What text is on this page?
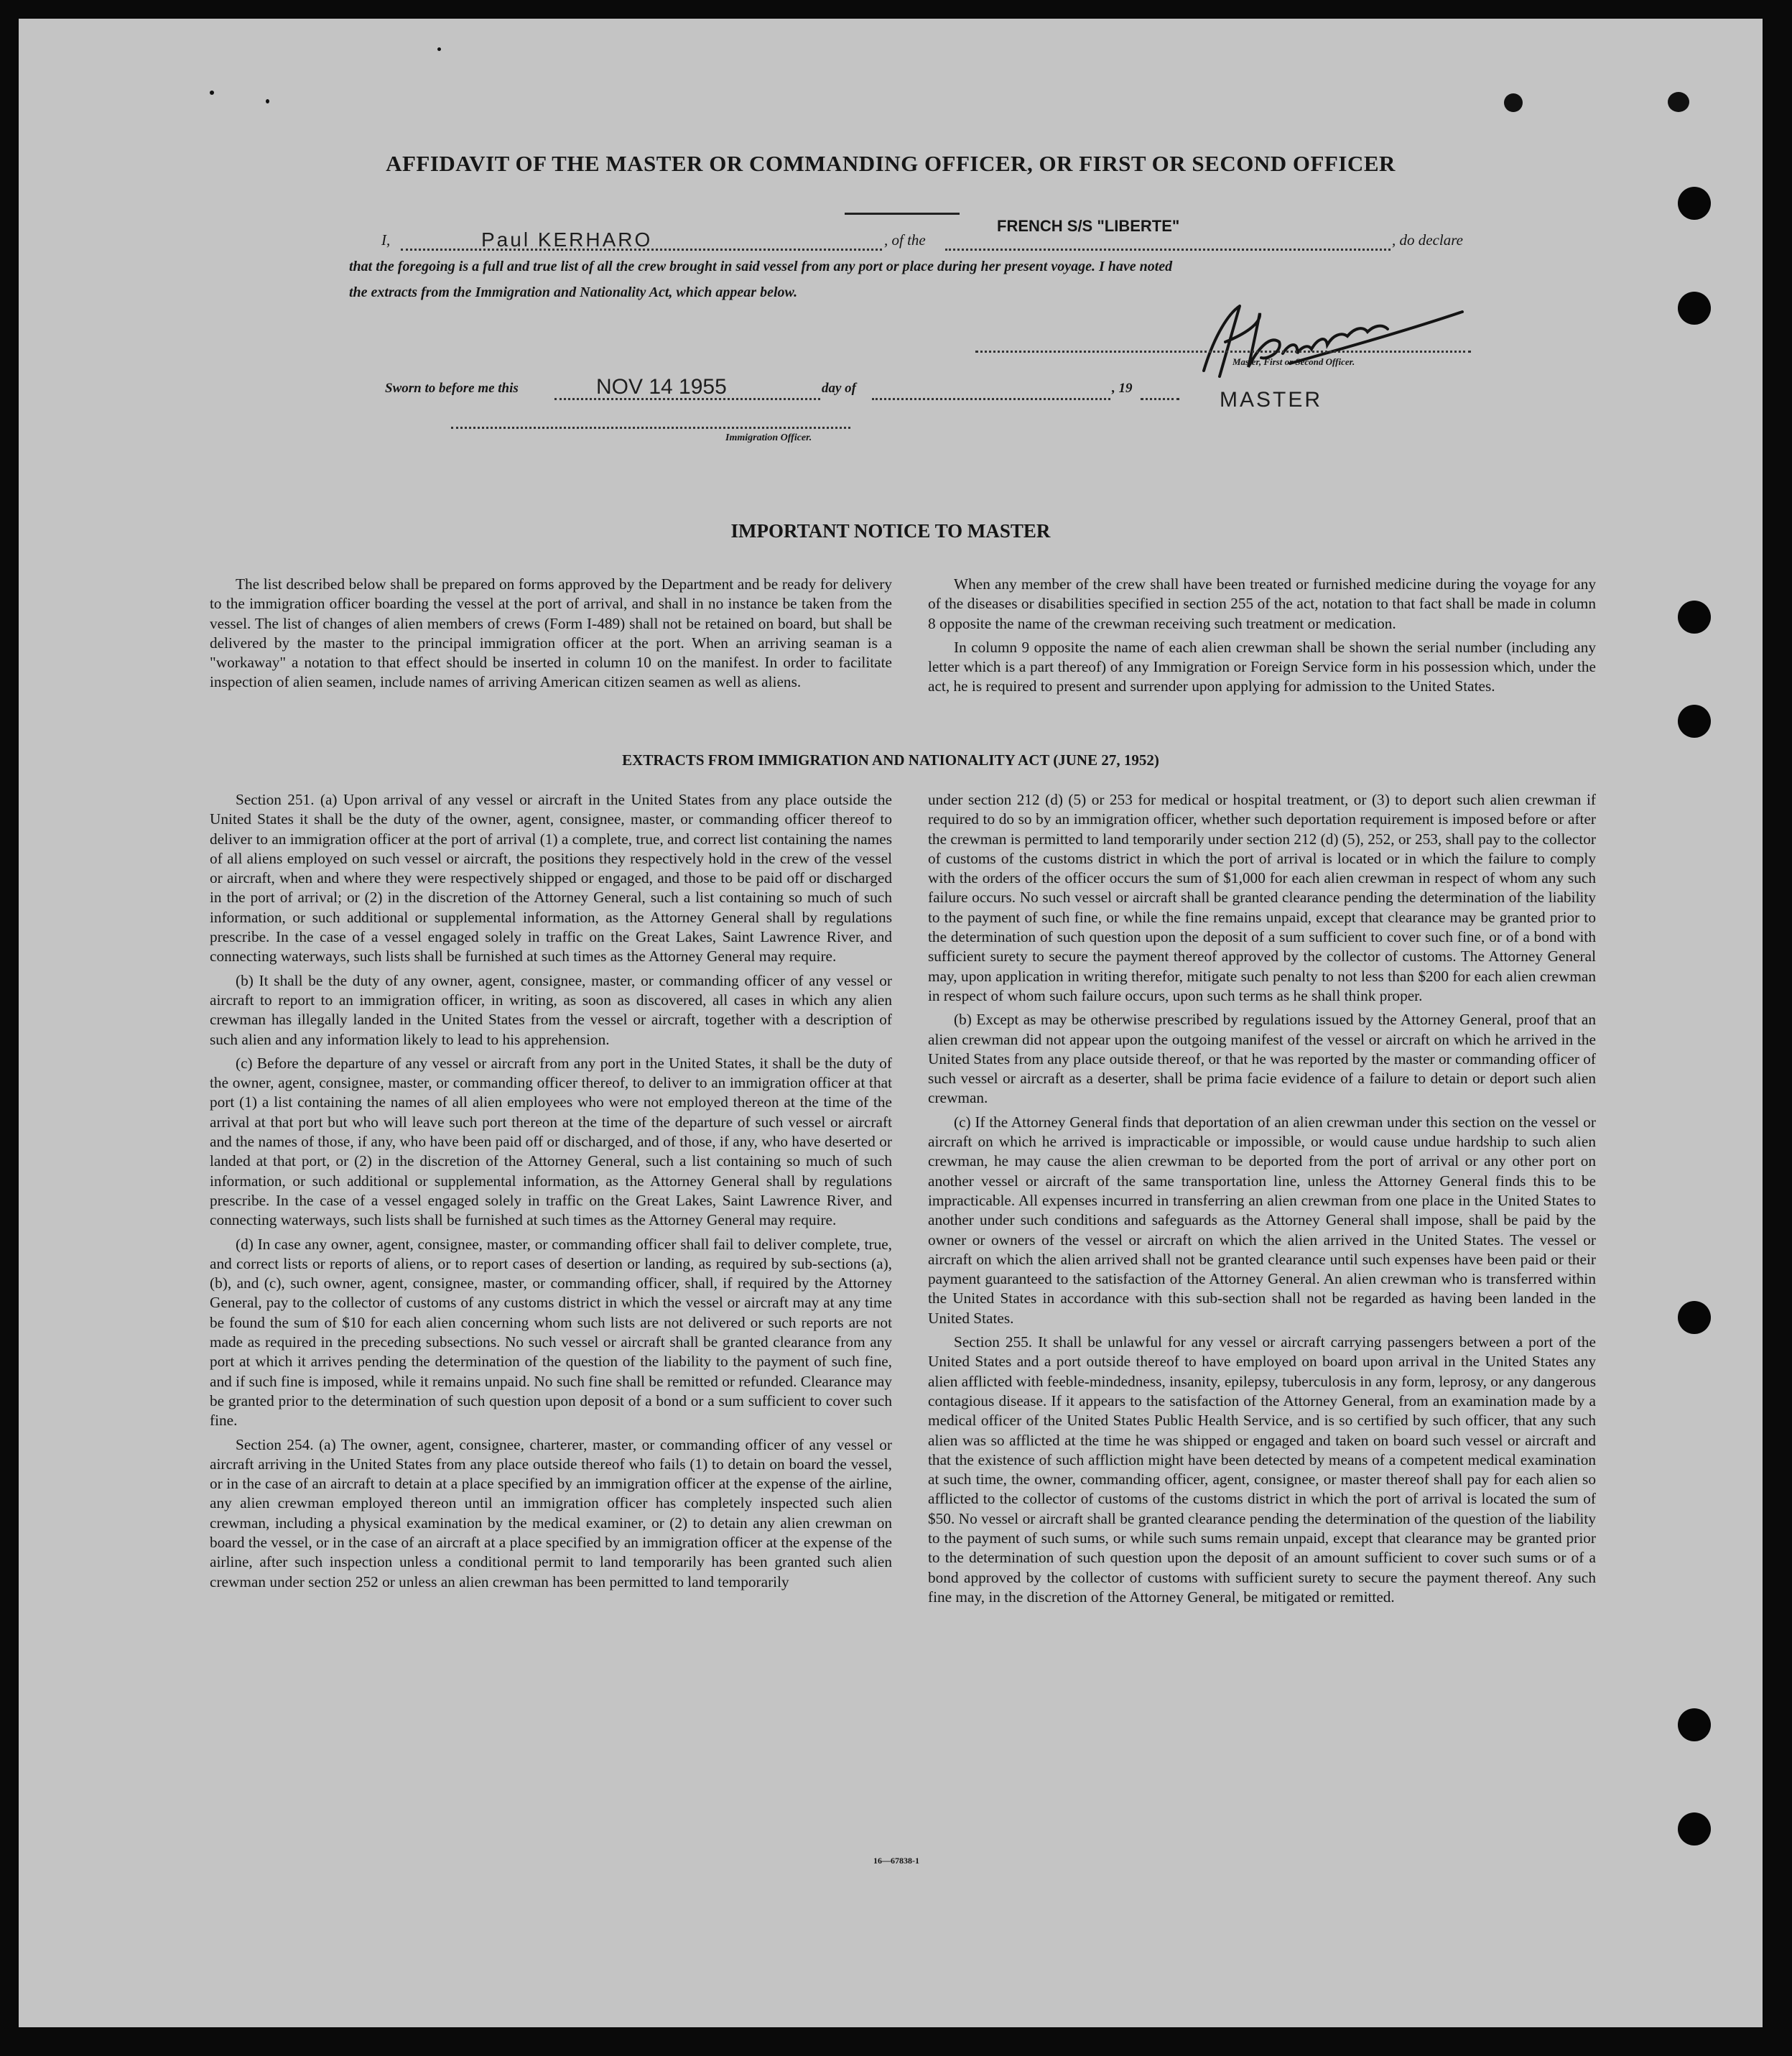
AFFIDAVIT OF THE MASTER OR COMMANDING OFFICER, OR FIRST OR SECOND OFFICER
I,	Paul KERHARO	, of the
FRENCH S/S "LIBERTE"
, do declare
that the foregoing is a full and true list of all the crew brought in said vessel from any port or place during her present voyage. I have noted
the extracts from the Immigration and Nationality Act, which appear below.
Master, First or Second Officer.
MASTER
Sworn to before me this	NOV 14 1955	day of	, 19
Immigration Officer.
IMPORTANT NOTICE TO MASTER

The list described below shall be prepared on forms approved by the Department and be ready for delivery to the immigration officer boarding the vessel at the port of arrival, and shall in no instance be taken from the vessel. The list of changes of alien members of crews (Form I-489) shall not be retained on board, but shall be delivered by the master to the principal immigration officer at the port. When an arriving seaman is a "workaway" a notation to that effect should be inserted in column 10 on the manifest. In order to facilitate inspection of alien seamen, include names of arriving American citizen seamen as well as aliens.

When any member of the crew shall have been treated or furnished medicine during the voyage for any of the diseases or disabilities specified in section 255 of the act, notation to that fact shall be made in column 8 opposite the name of the crewman receiving such treatment or medication.

In column 9 opposite the name of each alien crewman shall be shown the serial number (including any letter which is a part thereof) of any Immigration or Foreign Service form in his possession which, under the act, he is required to present and surrender upon applying for admission to the United States.

EXTRACTS FROM IMMIGRATION AND NATIONALITY ACT (JUNE 27, 1952)

Section 251. (a) Upon arrival of any vessel or aircraft in the United States from any place outside the United States it shall be the duty of the owner, agent, consignee, master, or commanding officer thereof to deliver to an immigration officer at the port of arrival (1) a complete, true, and correct list containing the names of all aliens employed on such vessel or aircraft, the positions they respectively hold in the crew of the vessel or aircraft, when and where they were respectively shipped or engaged, and those to be paid off or discharged in the port of arrival; or (2) in the discretion of the Attorney General, such a list containing so much of such information, or such additional or supplemental information, as the Attorney General shall by regulations prescribe. In the case of a vessel engaged solely in traffic on the Great Lakes, Saint Lawrence River, and connecting waterways, such lists shall be furnished at such times as the Attorney General may require.

(b) It shall be the duty of any owner, agent, consignee, master, or commanding officer of any vessel or aircraft to report to an immigration officer, in writing, as soon as discovered, all cases in which any alien crewman has illegally landed in the United States from the vessel or aircraft, together with a description of such alien and any information likely to lead to his apprehension.

(c) Before the departure of any vessel or aircraft from any port in the United States, it shall be the duty of the owner, agent, consignee, master, or commanding officer thereof, to deliver to an immigration officer at that port (1) a list containing the names of all alien employees who were not employed thereon at the time of the arrival at that port but who will leave such port thereon at the time of the departure of such vessel or aircraft and the names of those, if any, who have been paid off or discharged, and of those, if any, who have deserted or landed at that port, or (2) in the discretion of the Attorney General, such a list containing so much of such information, or such additional or supplemental information, as the Attorney General shall by regulations prescribe. In the case of a vessel engaged solely in traffic on the Great Lakes, Saint Lawrence River, and connecting waterways, such lists shall be furnished at such times as the Attorney General may require.

(d) In case any owner, agent, consignee, master, or commanding officer shall fail to deliver complete, true, and correct lists or reports of aliens, or to report cases of desertion or landing, as required by sub-sections (a), (b), and (c), such owner, agent, consignee, master, or commanding officer, shall, if required by the Attorney General, pay to the collector of customs of any customs district in which the vessel or aircraft may at any time be found the sum of $10 for each alien concerning whom such lists are not delivered or such reports are not made as required in the preceding subsections. No such vessel or aircraft shall be granted clearance from any port at which it arrives pending the determination of the question of the liability to the payment of such fine, and if such fine is imposed, while it remains unpaid. No such fine shall be remitted or refunded. Clearance may be granted prior to the determination of such question upon deposit of a bond or a sum sufficient to cover such fine.

Section 254. (a) The owner, agent, consignee, charterer, master, or commanding officer of any vessel or aircraft arriving in the United States from any place outside thereof who fails (1) to detain on board the vessel, or in the case of an aircraft to detain at a place specified by an immigration officer at the expense of the airline, any alien crewman employed thereon until an immigration officer has completely inspected such alien crewman, including a physical examination by the medical examiner, or (2) to detain any alien crewman on board the vessel, or in the case of an aircraft at a place specified by an immigration officer at the expense of the airline, after such inspection unless a conditional permit to land temporarily has been granted such alien crewman under section 252 or unless an alien crewman has been permitted to land temporarily

under section 212 (d) (5) or 253 for medical or hospital treatment, or (3) to deport such alien crewman if required to do so by an immigration officer, whether such deportation requirement is imposed before or after the crewman is permitted to land temporarily under section 212 (d) (5), 252, or 253, shall pay to the collector of customs of the customs district in which the port of arrival is located or in which the failure to comply with the orders of the officer occurs the sum of $1,000 for each alien crewman in respect of whom any such failure occurs. No such vessel or aircraft shall be granted clearance pending the determination of the liability to the payment of such fine, or while the fine remains unpaid, except that clearance may be granted prior to the determination of such question upon the deposit of a sum sufficient to cover such fine, or of a bond with sufficient surety to secure the payment thereof approved by the collector of customs. The Attorney General may, upon application in writing therefor, mitigate such penalty to not less than $200 for each alien crewman in respect of whom such failure occurs, upon such terms as he shall think proper.

(b) Except as may be otherwise prescribed by regulations issued by the Attorney General, proof that an alien crewman did not appear upon the outgoing manifest of the vessel or aircraft on which he arrived in the United States from any place outside thereof, or that he was reported by the master or commanding officer of such vessel or aircraft as a deserter, shall be prima facie evidence of a failure to detain or deport such alien crewman.

(c) If the Attorney General finds that deportation of an alien crewman under this section on the vessel or aircraft on which he arrived is impracticable or impossible, or would cause undue hardship to such alien crewman, he may cause the alien crewman to be deported from the port of arrival or any other port on another vessel or aircraft of the same transportation line, unless the Attorney General finds this to be impracticable. All expenses incurred in transferring an alien crewman from one place in the United States to another under such conditions and safeguards as the Attorney General shall impose, shall be paid by the owner or owners of the vessel or aircraft on which the alien arrived in the United States. The vessel or aircraft on which the alien arrived shall not be granted clearance until such expenses have been paid or their payment guaranteed to the satisfaction of the Attorney General. An alien crewman who is transferred within the United States in accordance with this sub-section shall not be regarded as having been landed in the United States.

Section 255. It shall be unlawful for any vessel or aircraft carrying passengers between a port of the United States and a port outside thereof to have employed on board upon arrival in the United States any alien afflicted with feeble-mindedness, insanity, epilepsy, tuberculosis in any form, leprosy, or any dangerous contagious disease. If it appears to the satisfaction of the Attorney General, from an examination made by a medical officer of the United States Public Health Service, and is so certified by such officer, that any such alien was so afflicted at the time he was shipped or engaged and taken on board such vessel or aircraft and that the existence of such affliction might have been detected by means of a competent medical examination at such time, the owner, commanding officer, agent, consignee, or master thereof shall pay for each alien so afflicted to the collector of customs of the customs district in which the port of arrival is located the sum of $50. No vessel or aircraft shall be granted clearance pending the determination of the question of the liability to the payment of such sums, or while such sums remain unpaid, except that clearance may be granted prior to the determination of such question upon the deposit of an amount sufficient to cover such sums or of a bond approved by the collector of customs with sufficient surety to secure the payment thereof. Any such fine may, in the discretion of the Attorney General, be mitigated or remitted.

16—67838-1
